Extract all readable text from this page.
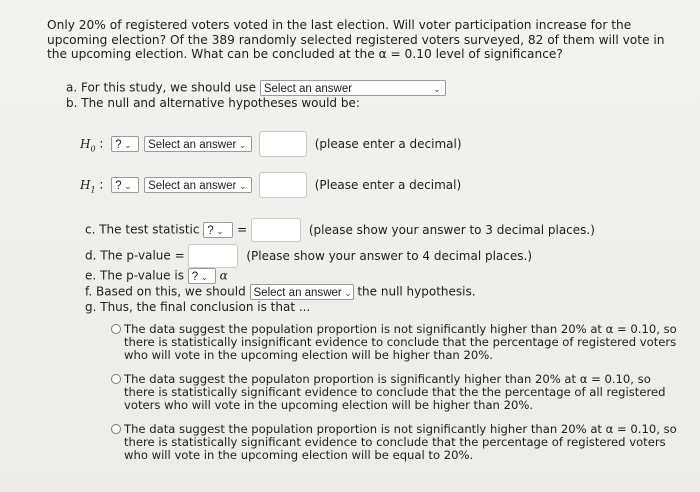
Only 20% of registered voters voted in the last election. Will voter participation increase for the upcoming election? Of the 389 randomly selected registered voters surveyed, 82 of them will vote in the upcoming election. What can be concluded at the α = 0.10 level of significance?
a. For this study, we should use Select an answer	⌄
b. The null and alternative hypotheses would be:
$H_0$ : ? ⌄ Select an answer ⌄	(please enter a decimal)
$H_1$ : ? ⌄ Select an answer ⌄	(Please enter a decimal)
c. The test statistic ? ⌄ =	(please show your answer to 3 decimal places.)
d. The p-value =	(Please show your answer to 4 decimal places.)
e. The p-value is ? ⌄ α
f. Based on this, we should Select an answer ⌄ the null hypothesis.
g. Thus, the final conclusion is that ...
The data suggest the population proportion is not significantly higher than 20% at α = 0.10, so
there is statistically insignificant evidence to conclude that the percentage of registered voters
who will vote in the upcoming election will be higher than 20%.
The data suggest the populaton proportion is significantly higher than 20% at α = 0.10, so
there is statistically significant evidence to conclude that the the percentage of all registered
voters who will vote in the upcoming election will be higher than 20%.
The data suggest the population proportion is not significantly higher than 20% at α = 0.10, so
there is statistically significant evidence to conclude that the percentage of registered voters
who will vote in the upcoming election will be equal to 20%.
